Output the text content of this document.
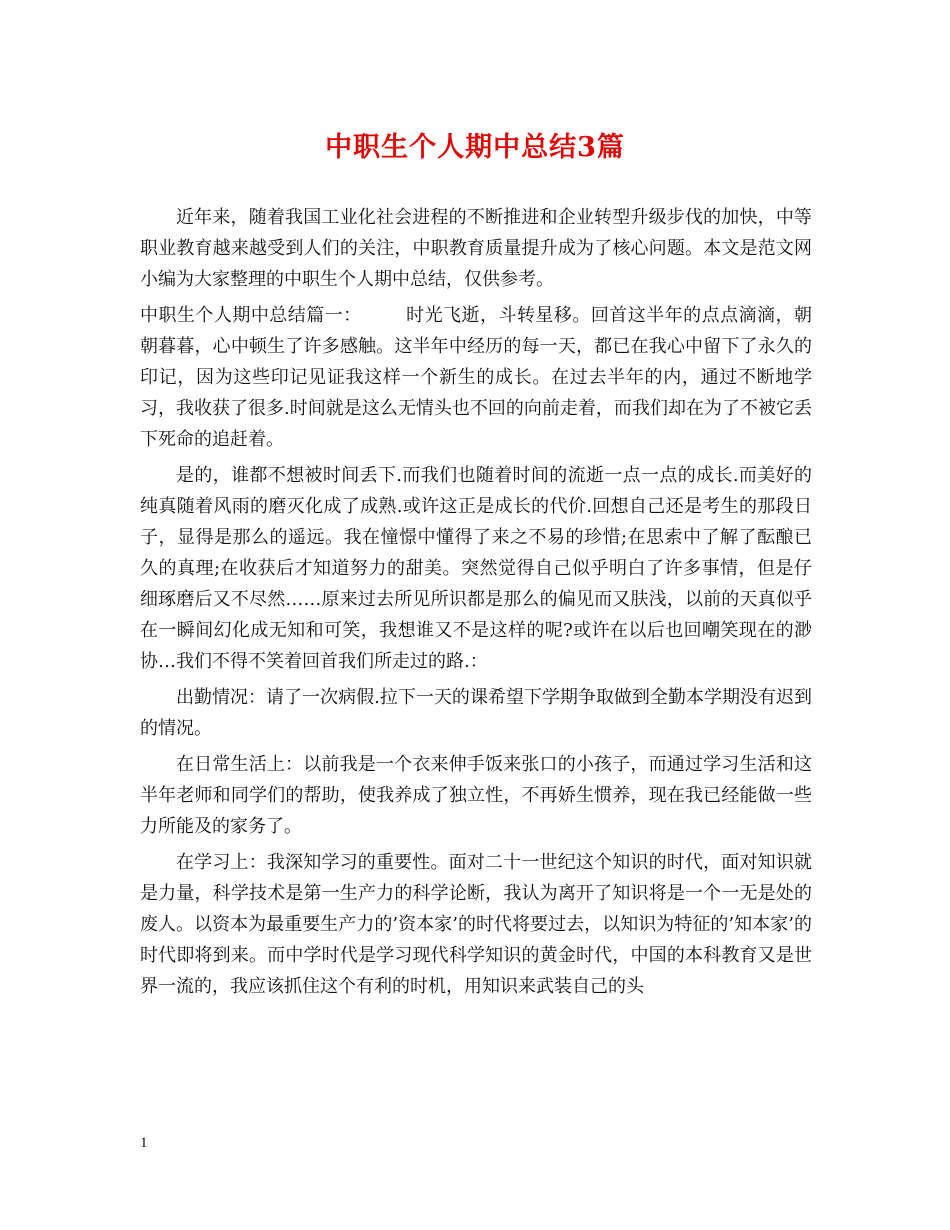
中职生个人期中总结3篇

近年来，随着我国工业化社会进程的不断推进和企业转型升级步伐的加快，中等职业教育越来越受到人们的关注，中职教育质量提升成为了核心问题。本文是范文网小编为大家整理的中职生个人期中总结，仅供参考。

中职生个人期中总结篇一： 时光飞逝，斗转星移。回首这半年的点点滴滴，朝朝暮暮，心中顿生了许多感触。这半年中经历的每一天，都已在我心中留下了永久的印记，因为这些印记见证我这样一个新生的成长。在过去半年的内，通过不断地学习，我收获了很多.时间就是这么无情头也不回的向前走着，而我们却在为了不被它丢下死命的追赶着。

是的，谁都不想被时间丢下.而我们也随着时间的流逝一点一点的成长.而美好的纯真随着风雨的磨灭化成了成熟.或许这正是成长的代价.回想自己还是考生的那段日子，显得是那么的遥远。我在憧憬中懂得了来之不易的珍惜;在思索中了解了酝酿已久的真理;在收获后才知道努力的甜美。突然觉得自己似乎明白了许多事情，但是仔细琢磨后又不尽然……原来过去所见所识都是那么的偏见而又肤浅，以前的天真似乎在一瞬间幻化成无知和可笑，我想谁又不是这样的呢?或许在以后也回嘲笑现在的渺协…我们不得不笑着回首我们所走过的路.：

出勤情况：请了一次病假.拉下一天的课希望下学期争取做到全勤本学期没有迟到的情况。

在日常生活上：以前我是一个衣来伸手饭来张口的小孩子，而通过学习生活和这半年老师和同学们的帮助，使我养成了独立性，不再娇生惯养，现在我已经能做一些力所能及的家务了。

在学习上：我深知学习的重要性。面对二十一世纪这个知识的时代，面对知识就是力量，科学技术是第一生产力的科学论断，我认为离开了知识将是一个一无是处的废人。以资本为最重要生产力的’资本家’的时代将要过去，以知识为特征的’知本家’的时代即将到来。而中学时代是学习现代科学知识的黄金时代，中国的本科教育又是世界一流的，我应该抓住这个有利的时机，用知识来武装自己的头

1
